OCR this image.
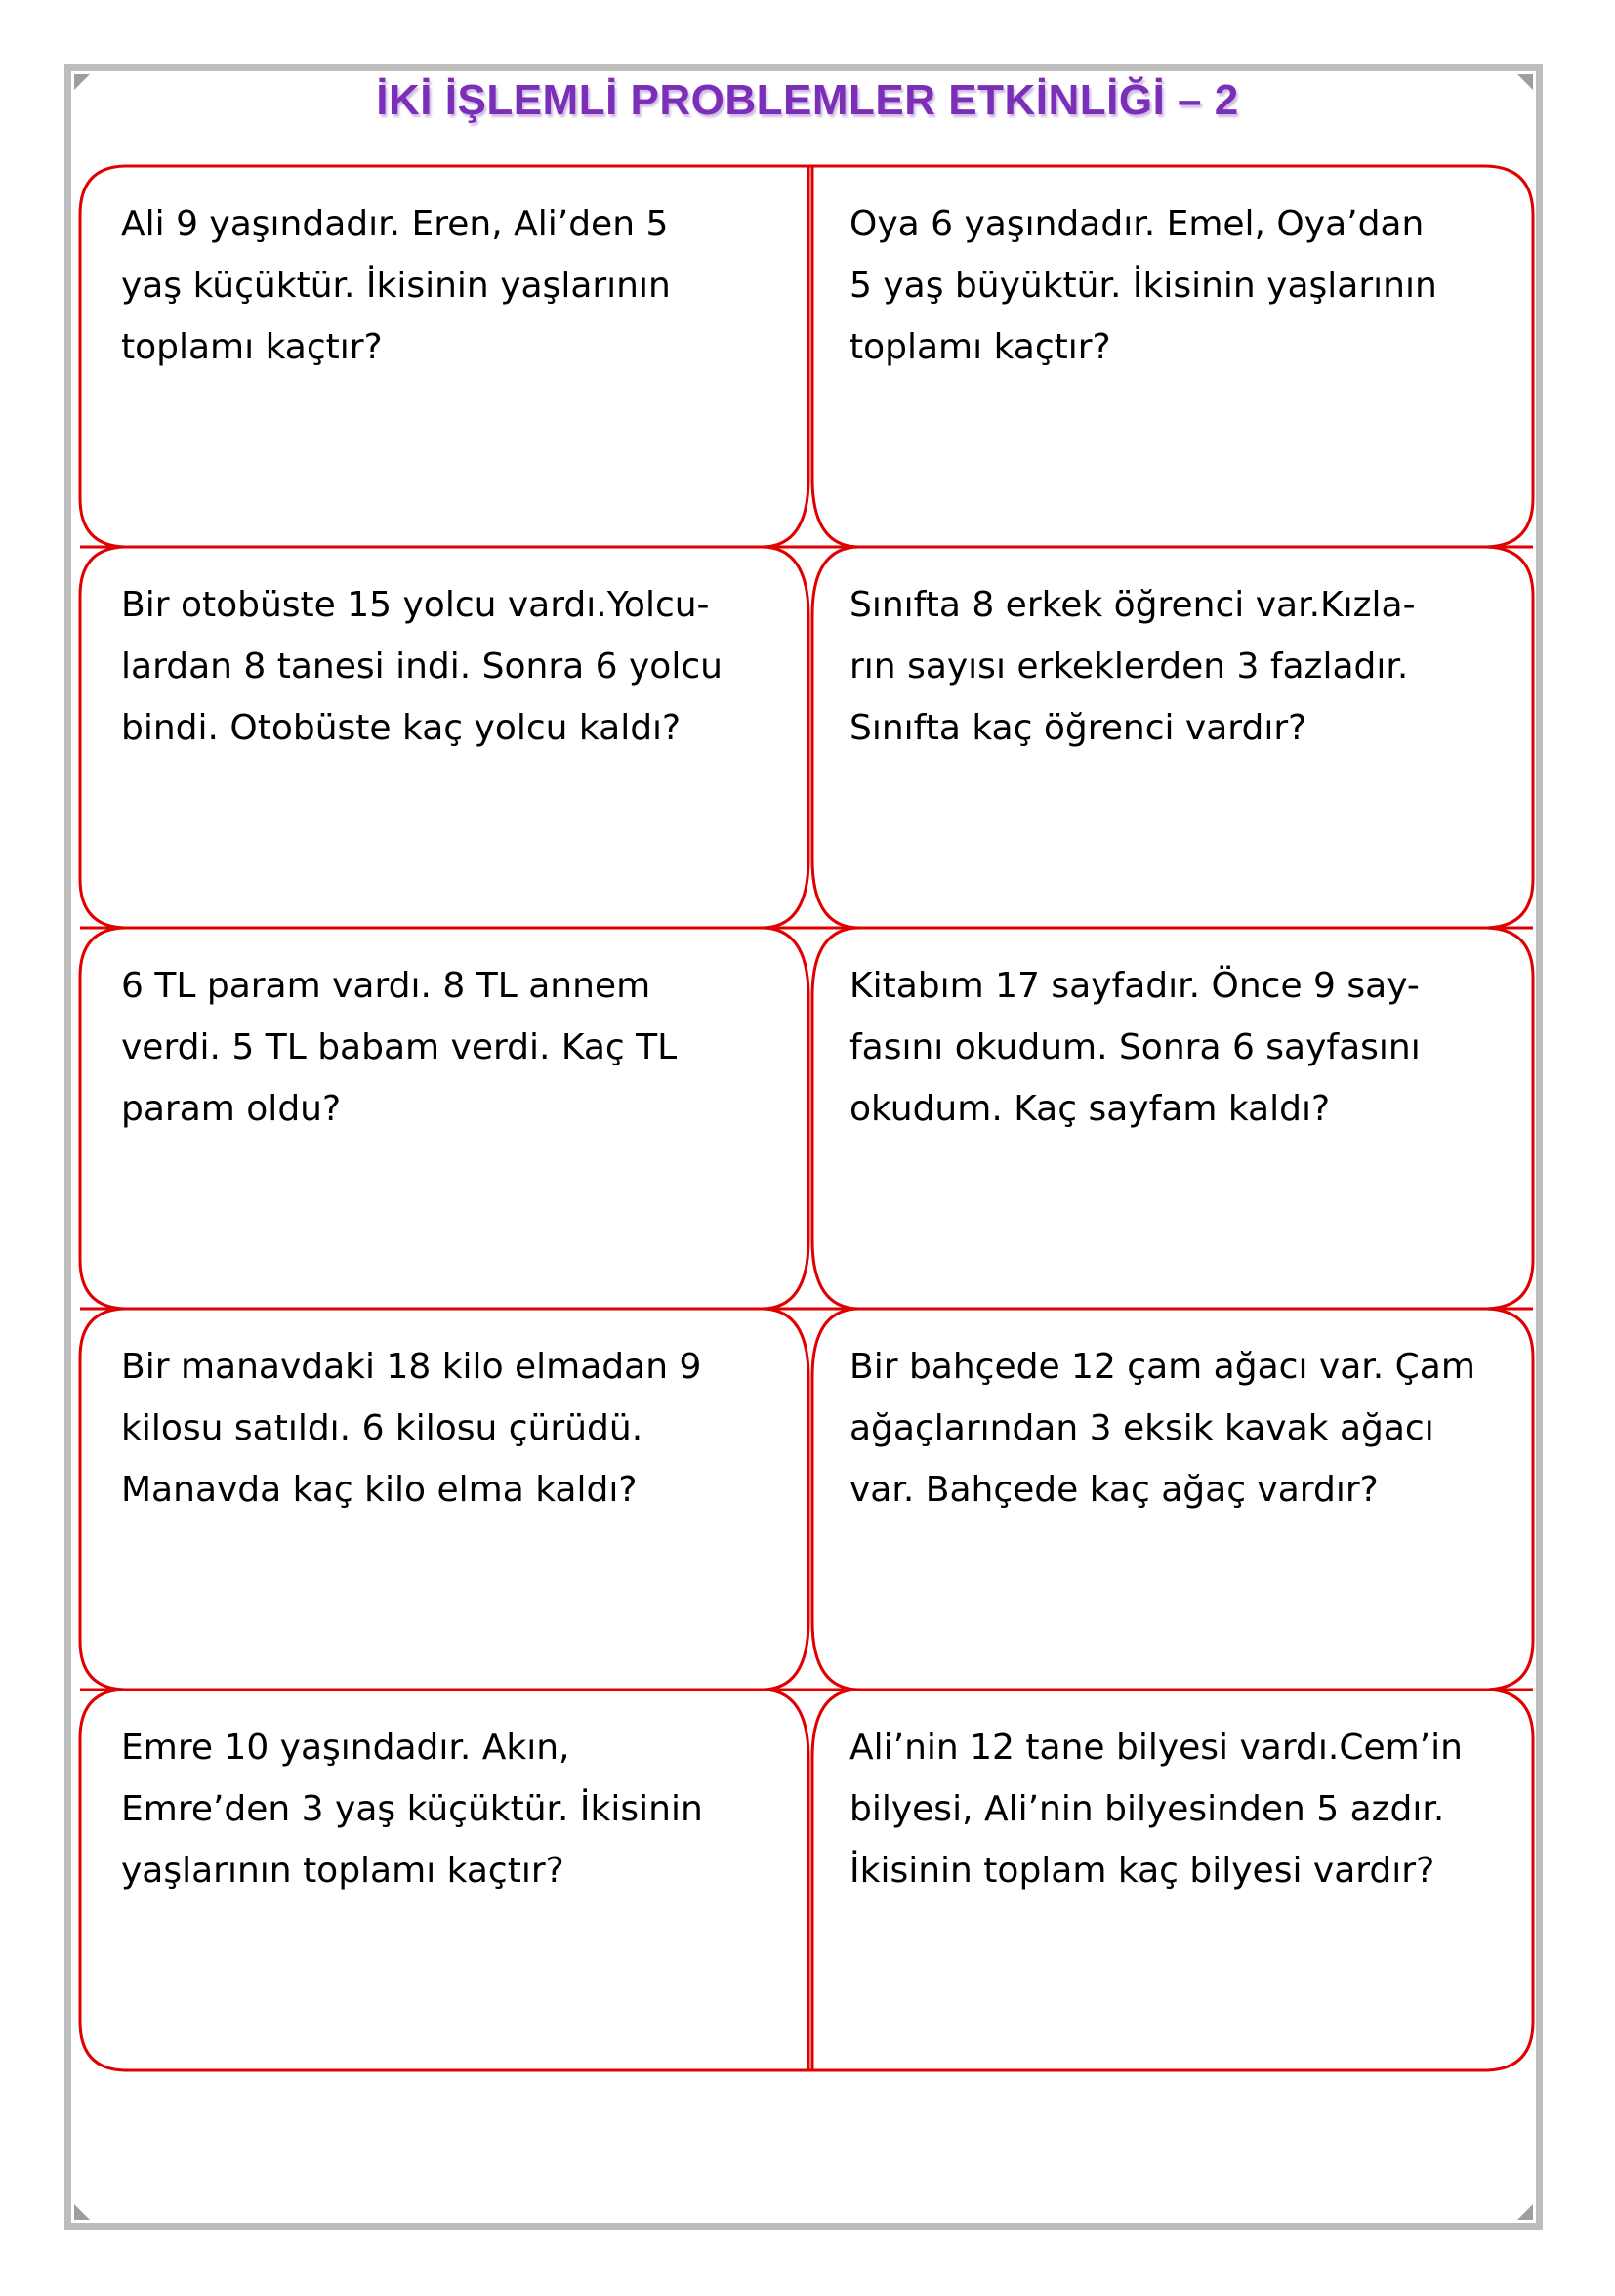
İKİ İŞLEMLİ PROBLEMLER ETKİNLİĞİ – 2
Ali 9 yaşındadır. Eren, Ali’den 5
yaş küçüktür. İkisinin yaşlarının
toplamı kaçtır?
Oya 6 yaşındadır. Emel, Oya’dan
5 yaş büyüktür. İkisinin yaşlarının
toplamı kaçtır?
Bir otobüste 15 yolcu vardı.Yolcu-
lardan 8 tanesi indi. Sonra 6 yolcu
bindi. Otobüste kaç yolcu kaldı?
Sınıfta 8 erkek öğrenci var.Kızla-
rın sayısı erkeklerden 3 fazladır.
Sınıfta kaç öğrenci vardır?
6 TL param vardı. 8 TL annem
verdi. 5 TL babam verdi. Kaç TL
param oldu?
Kitabım 17 sayfadır. Önce 9 say-
fasını okudum. Sonra 6 sayfasını
okudum. Kaç sayfam kaldı?
Bir manavdaki 18 kilo elmadan 9
kilosu satıldı. 6 kilosu çürüdü.
Manavda kaç kilo elma kaldı?
Bir bahçede 12 çam ağacı var. Çam
ağaçlarından 3 eksik kavak ağacı
var. Bahçede kaç ağaç vardır?
Emre 10 yaşındadır. Akın,
Emre’den 3 yaş küçüktür. İkisinin
yaşlarının toplamı kaçtır?
Ali’nin 12 tane bilyesi vardı.Cem’in
bilyesi, Ali’nin bilyesinden 5 azdır.
İkisinin toplam kaç bilyesi vardır?
